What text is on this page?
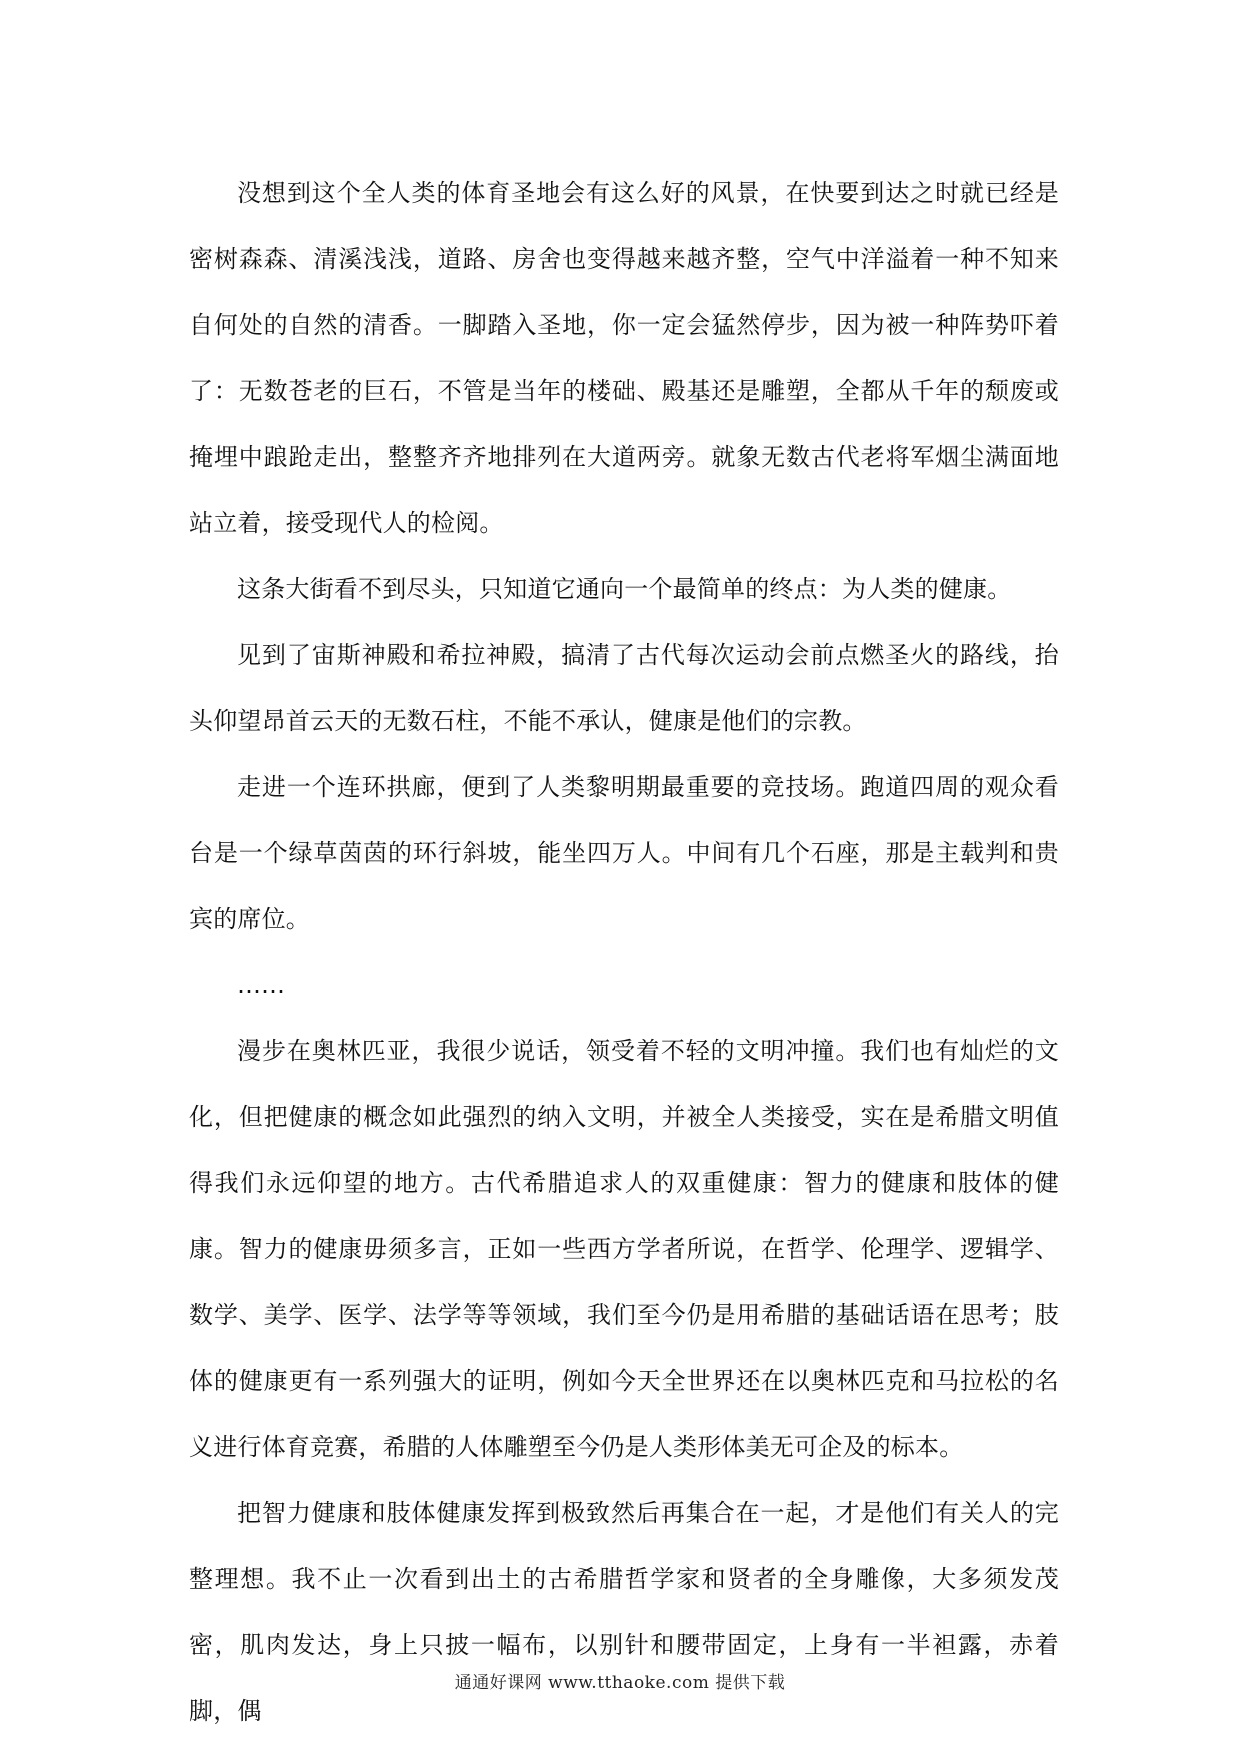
没想到这个全人类的体育圣地会有这么好的风景，在快要到达之时就已经是密树森森、清溪浅浅，道路、房舍也变得越来越齐整，空气中洋溢着一种不知来自何处的自然的清香。一脚踏入圣地，你一定会猛然停步，因为被一种阵势吓着了：无数苍老的巨石，不管是当年的楼础、殿基还是雕塑，全都从千年的颓废或掩埋中踉跄走出，整整齐齐地排列在大道两旁。就象无数古代老将军烟尘满面地站立着，接受现代人的检阅。

这条大街看不到尽头，只知道它通向一个最简单的终点：为人类的健康。

见到了宙斯神殿和希拉神殿，搞清了古代每次运动会前点燃圣火的路线，抬头仰望昂首云天的无数石柱，不能不承认，健康是他们的宗教。

走进一个连环拱廊，便到了人类黎明期最重要的竞技场。跑道四周的观众看台是一个绿草茵茵的环行斜坡，能坐四万人。中间有几个石座，那是主载判和贵宾的席位。

……

漫步在奥林匹亚，我很少说话，领受着不轻的文明冲撞。我们也有灿烂的文化，但把健康的概念如此强烈的纳入文明，并被全人类接受，实在是希腊文明值得我们永远仰望的地方。古代希腊追求人的双重健康：智力的健康和肢体的健康。智力的健康毋须多言，正如一些西方学者所说，在哲学、伦理学、逻辑学、数学、美学、医学、法学等等领域，我们至今仍是用希腊的基础话语在思考；肢体的健康更有一系列强大的证明，例如今天全世界还在以奥林匹克和马拉松的名义进行体育竞赛，希腊的人体雕塑至今仍是人类形体美无可企及的标本。

把智力健康和肢体健康发挥到极致然后再集合在一起，才是他们有关人的完整理想。我不止一次看到出土的古希腊哲学家和贤者的全身雕像，大多须发茂密，肌肉发达，身上只披一幅布，以别针和腰带固定，上身有一半袒露，赤着脚，偶

通通好课网 www.tthaoke.com 提供下载
